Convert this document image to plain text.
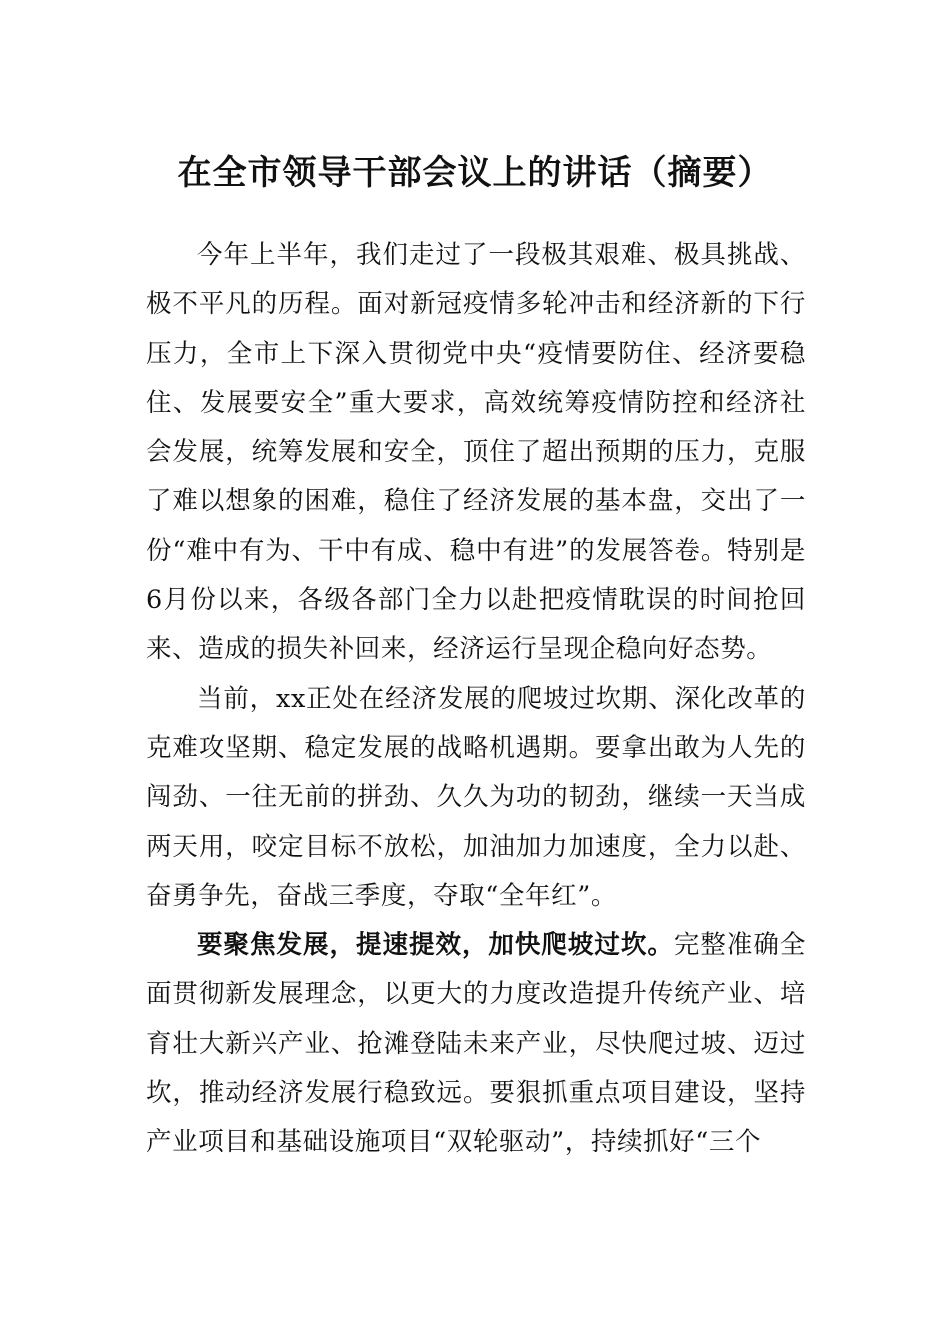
在全市领导干部会议上的讲话（摘要）

今年上半年，我们走过了一段极其艰难、极具挑战、极不平凡的历程。面对新冠疫情多轮冲击和经济新的下行压力，全市上下深入贯彻党中央“疫情要防住、经济要稳住、发展要安全”重大要求，高效统筹疫情防控和经济社会发展，统筹发展和安全，顶住了超出预期的压力，克服了难以想象的困难，稳住了经济发展的基本盘，交出了一份“难中有为、干中有成、稳中有进”的发展答卷。特别是6月份以来，各级各部门全力以赴把疫情耽误的时间抢回来、造成的损失补回来，经济运行呈现企稳向好态势。

当前，xx正处在经济发展的爬坡过坎期、深化改革的克难攻坚期、稳定发展的战略机遇期。要拿出敢为人先的闯劲、一往无前的拼劲、久久为功的韧劲，继续一天当成两天用，咬定目标不放松，加油加力加速度，全力以赴、奋勇争先，奋战三季度，夺取“全年红”。

要聚焦发展，提速提效，加快爬坡过坎。完整准确全面贯彻新发展理念，以更大的力度改造提升传统产业、培育壮大新兴产业、抢滩登陆未来产业，尽快爬过坡、迈过坎，推动经济发展行稳致远。要狠抓重点项目建设，坚持产业项目和基础设施项目“双轮驱动”，持续抓好“三个
